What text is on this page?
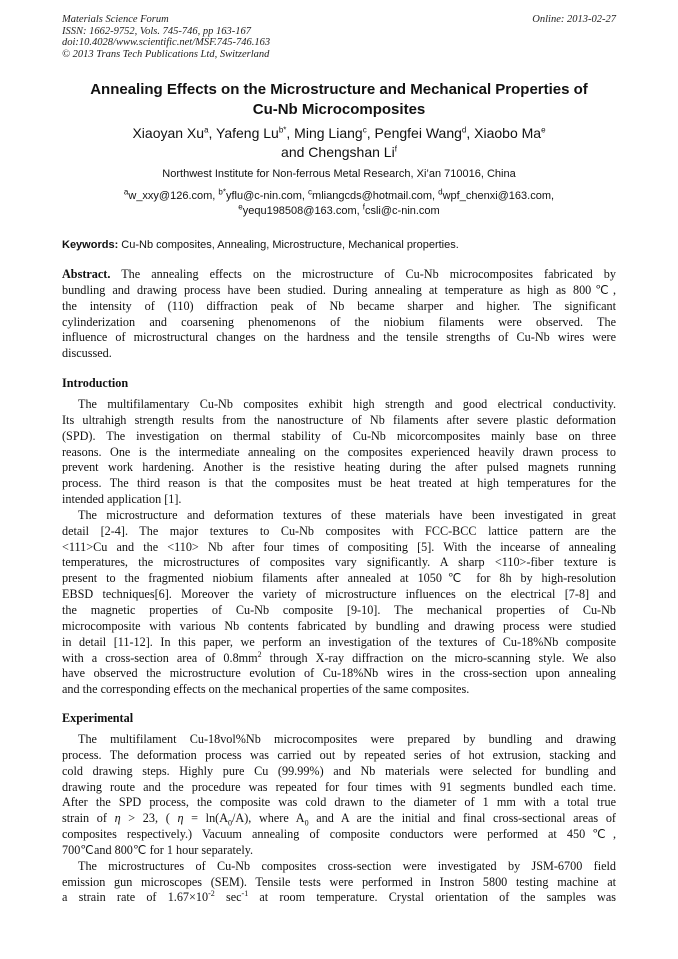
Materials Science Forum
ISSN: 1662-9752, Vols. 745-746, pp 163-167
doi:10.4028/www.scientific.net/MSF.745-746.163
© 2013 Trans Tech Publications Ltd, Switzerland
Online: 2013-02-27
Annealing Effects on the Microstructure and Mechanical Properties of
Cu-Nb Microcomposites
Xiaoyan Xu$^a$, Yafeng $Lu^{b*}$, Ming Liang$^c$, Pengfei Wang$^d$, Xiaobo Ma$^e$
and Chengshan Li$^f$
Northwest Institute for Non-ferrous Metal Research, Xi’an 710016, China
$^a$w_xxy@126.com, $^{b*}$yflu@c-nin.com, $^c$mliangcds@hotmail.com, $^d$wpf_chenxi@163.com,
$^e$yequ198508@163.com, $^f$csli@c-nin.com
Keywords: Cu-Nb composites, Annealing, Microstructure, Mechanical properties.
Abstract. The annealing effects on the microstructure of Cu-Nb microcomposites fabricated by
bundling and drawing process have been studied. During annealing at temperature as high as 800℃,
the intensity of (110) diffraction peak of Nb became sharper and higher. The significant
cylinderization and coarsening phenomenons of the niobium filaments were observed. The
influence of microstructural changes on the hardness and the tensile strengths of Cu-Nb wires were
discussed.
Introduction
The multifilamentary Cu-Nb composites exhibit high strength and good electrical conductivity.
Its ultrahigh strength results from the nanostructure of Nb filaments after severe plastic deformation
(SPD). The investigation on thermal stability of Cu-Nb micorcomposites mainly base on three
reasons. One is the intermediate annealing on the composites experienced heavily drawn process to
prevent work hardening. Another is the resistive heating during the after pulsed magnets running
process. The third reason is that the composites must be heat treated at high temperatures for the
intended application [1].
The microstructure and deformation textures of these materials have been investigated in great
detail [2-4]. The major textures to Cu-Nb composites with FCC-BCC lattice pattern are the
<111>Cu and the <110> Nb after four times of compositing [5]. With the incearse of annealing
temperatures, the microstructures of composites vary significantly. A sharp <110>-fiber texture is
present to the fragmented niobium filaments after annealed at 1050℃ for 8h by high-resolution
EBSD techniques[6]. Moreover the variety of microstructure influences on the electrical [7-8] and
the magnetic properties of Cu-Nb composite [9-10]. The mechanical properties of Cu-Nb
microcomposite with various Nb contents fabricated by bundling and drawing process were studied
in detail [11-12]. In this paper, we perform an investigation of the textures of Cu-18%Nb composite
with a cross-section area of $0.8mm^2$ through X-ray diffraction on the micro-scanning style. We also
have observed the microstructure evolution of Cu-18%Nb wires in the cross-section upon annealing
and the corresponding effects on the mechanical properties of the same composites.
Experimental
The multifilament Cu-18vol%Nb microcomposites were prepared by bundling and drawing
process. The deformation process was carried out by repeated series of hot extrusion, stacking and
cold drawing steps. Highly pure Cu (99.99%) and Nb materials were selected for bundling and
drawing route and the procedure was repeated for four times with 91 segments bundled each time.
After the SPD process, the composite was cold drawn to the diameter of 1 mm with a total true
strain of η > 23, ( $\eta = \ln(A_0/A)$, where $A_0$ and A are the initial and final cross-sectional areas of
composites respectively.) Vacuum annealing of composite conductors were performed at 450℃,
700℃and 800℃ for 1 hour separately.
The microstructures of Cu-Nb composites cross-section were investigated by JSM-6700 field
emission gun microscopes (SEM). Tensile tests were performed in Instron 5800 testing machine at
a strain rate of $1.67\times 10^{-2}$ $\sec^{-1}$ at room temperature. Crystal orientation of the samples was
